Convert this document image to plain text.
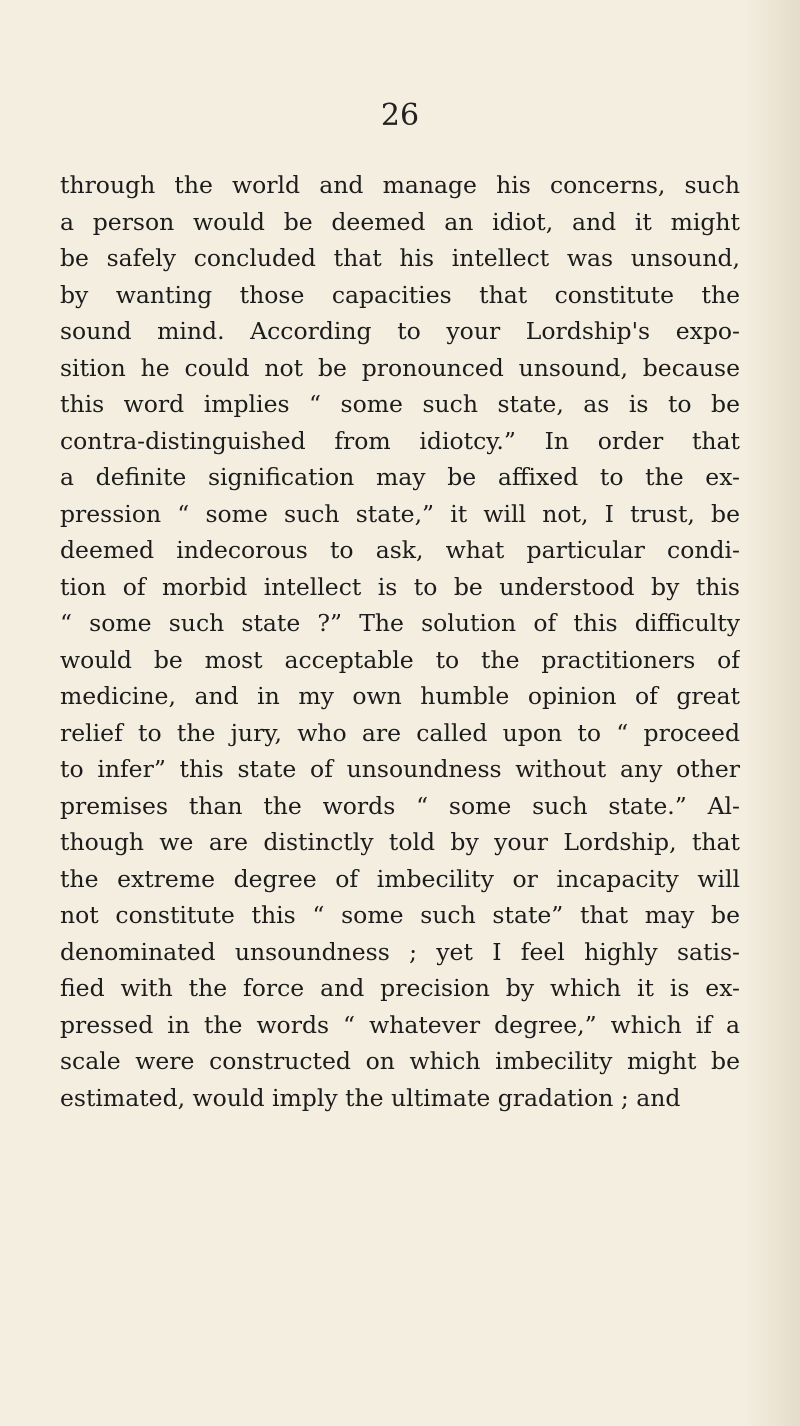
26

through the world and manage his concerns, such
a person would be deemed an idiot, and it might
be safely concluded that his intellect was unsound,
by wanting those capacities that constitute the
sound mind. According to your Lordship's expo-
sition he could not be pronounced unsound, because
this word implies “ some such state, as is to be
contra-distinguished from idiotcy.” In order that
a definite signification may be affixed to the ex-
pression “ some such state,” it will not, I trust, be
deemed indecorous to ask, what particular condi-
tion of morbid intellect is to be understood by this
“ some such state ?” The solution of this difficulty
would be most acceptable to the practitioners of
medicine, and in my own humble opinion of great
relief to the jury, who are called upon to “ proceed
to infer” this state of unsoundness without any other
premises than the words “ some such state.” Al-
though we are distinctly told by your Lordship, that
the extreme degree of imbecility or incapacity will
not constitute this “ some such state” that may be
denominated unsoundness ; yet I feel highly satis-
fied with the force and precision by which it is ex-
pressed in the words “ whatever degree,” which if a
scale were constructed on which imbecility might be
estimated, would imply the ultimate gradation ; and
